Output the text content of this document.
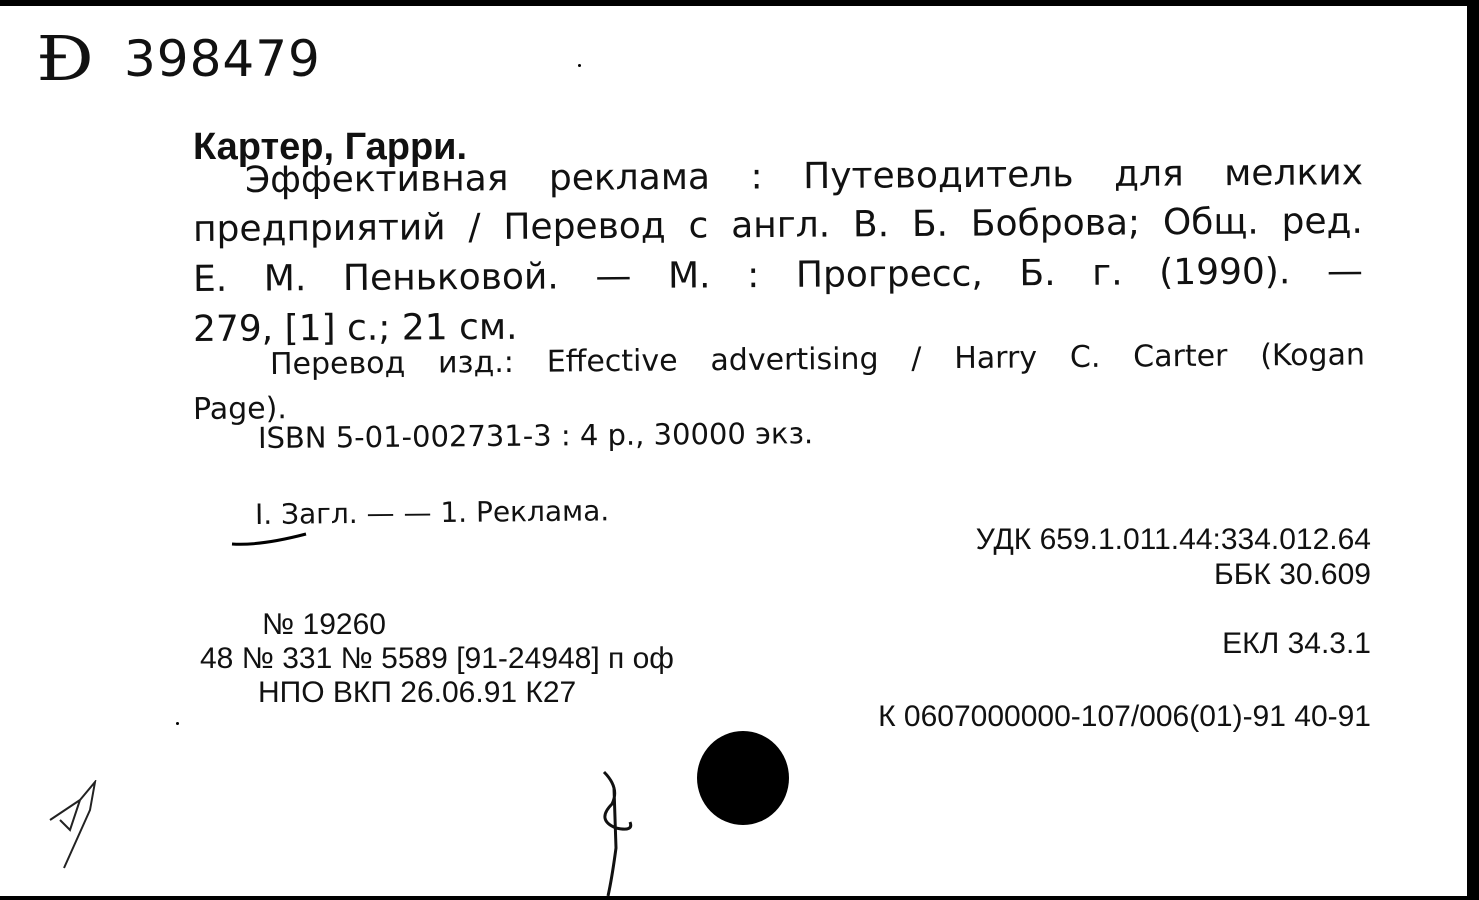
Ɖ 398479
Картер, Гарри.
Эффективная реклама : Путеводитель для мелких
предприятий / Перевод с англ. В. Б. Боброва; Общ. ред.
Е. М. Пеньковой. — М. : Прогресс, Б. г. (1990). —
279, [1] с.; 21 см.
Перевод изд.: Effective advertising / Harry C. Carter (Kogan
Page).
ISBN 5-01-002731-3 : 4 р., 30000 экз.
I. Загл. — — 1. Реклама.
УДК 659.1.011.44:334.012.64
ББК 30.609
ЕКЛ 34.3.1
К 0607000000-107/006(01)-91 40-91
№ 19260
48 № 331 № 5589 [91-24948] п оф
НПО ВКП 26.06.91 К27
